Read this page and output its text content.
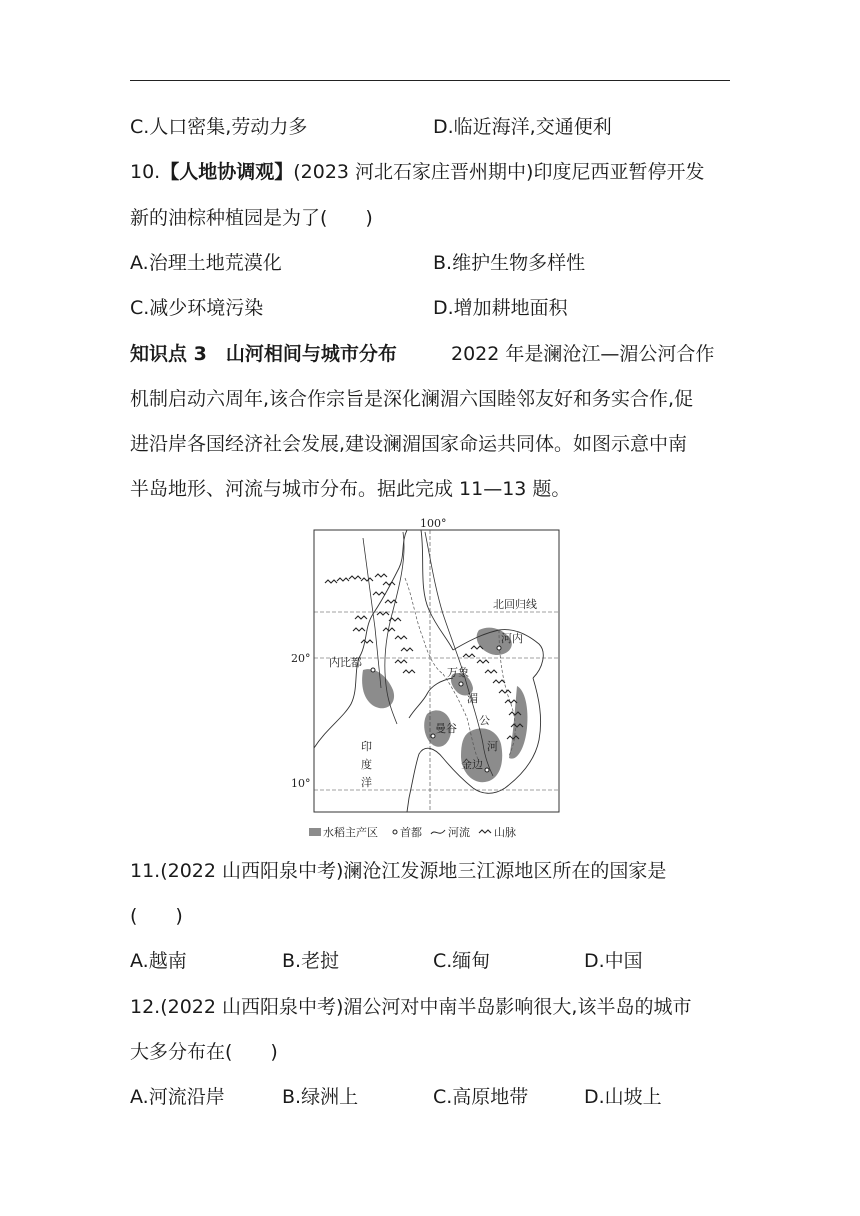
C.人口密集,劳动力多	D.临近海洋,交通便利
10.【人地协调观】(2023 河北石家庄晋州期中)印度尼西亚暂停开发
新的油棕种植园是为了(　　)
A.治理土地荒漠化	B.维护生物多样性
C.减少环境污染	D.增加耕地面积
知识点 3　山河相间与城市分布	2022 年是澜沧江—湄公河合作
机制启动六周年,该合作宗旨是深化澜湄六国睦邻友好和务实合作,促
进沿岸各国经济社会发展,建设澜湄国家命运共同体。如图示意中南
半岛地形、河流与城市分布。据此完成 11—13 题。
100°
北回归线
20°
10°
河内
内比都
万象
曼谷
金边
湄
公
河
印
度
洋
水稻主产区 首都 河流 山脉
11.(2022 山西阳泉中考)澜沧江发源地三江源地区所在的国家是
(　　)
A.越南	B.老挝	C.缅甸	D.中国
12.(2022 山西阳泉中考)湄公河对中南半岛影响很大,该半岛的城市
大多分布在(　　)
A.河流沿岸	B.绿洲上	C.高原地带	D.山坡上
